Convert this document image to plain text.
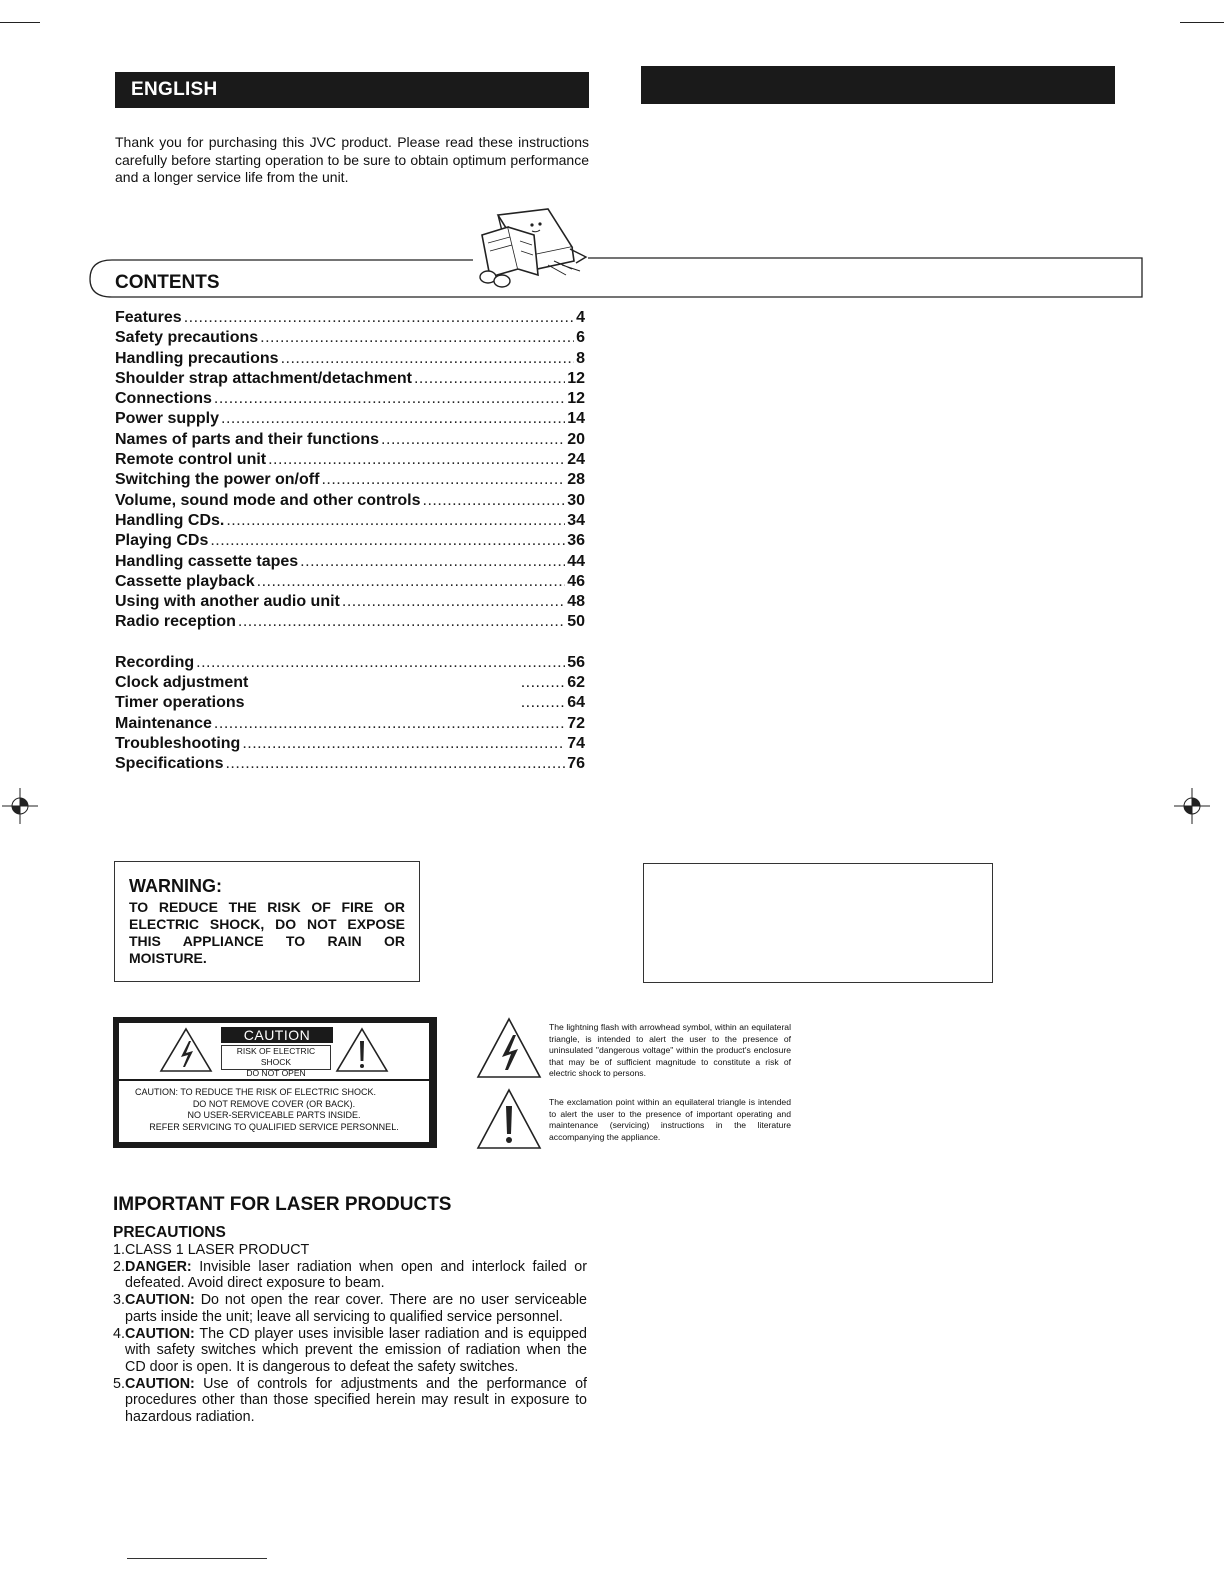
ENGLISH
Thank you for purchasing this JVC product. Please read these instructions carefully before starting operation to be sure to obtain optimum performance and a longer service life from the unit.
CONTENTS
Features .....	4
Safety precautions .....	6
Handling precautions .....	8
Shoulder strap attachment/detachment .....	12
Connections .....	12
Power supply .....	14
Names of parts and their functions .....	20
Remote control unit .....	24
Switching the power on/off .....	28
Volume, sound mode and other controls .....	30
Handling CDs. .....	34
Playing CDs .....	36
Handling cassette tapes .....	44
Cassette playback .....	46
Using with another audio unit .....	48
Radio reception .....	50
Recording .....	56
Clock adjustment	......... 62
Timer operations	......... 64
Maintenance .....	72
Troubleshooting .....	74
Specifications .....	76
WARNING:
TO REDUCE THE RISK OF FIRE OR ELECTRIC SHOCK, DO NOT EXPOSE THIS APPLIANCE TO RAIN OR
MOISTURE.
CAUTION
RISK OF ELECTRIC SHOCK
DO NOT OPEN
CAUTION: TO REDUCE THE RISK OF ELECTRIC SHOCK.
DO NOT REMOVE COVER (OR BACK).
NO USER-SERVICEABLE PARTS INSIDE.
REFER SERVICING TO QUALIFIED SERVICE PERSONNEL.
The lightning flash with arrowhead symbol, within an equilateral triangle, is intended to alert the user to the presence of uninsulated "dangerous voltage" within the product's enclosure that may be of sufficient magnitude to constitute a risk of electric shock to persons.
The exclamation point within an equilateral triangle is intended to alert the user to the presence of important operating and maintenance (servicing) instructions in the literature accompanying the appliance.
IMPORTANT FOR LASER PRODUCTS
PRECAUTIONS
1.CLASS 1 LASER PRODUCT
2.DANGER: Invisible laser radiation when open and interlock failed or defeated. Avoid direct exposure to beam.
3.CAUTION: Do not open the rear cover. There are no user serviceable parts inside the unit; leave all servicing to qualified service personnel.
4.CAUTION: The CD player uses invisible laser radiation and is equipped with safety switches which prevent the emission of radiation when the CD door is open. It is dangerous to defeat the safety switches.
5.CAUTION: Use of controls for adjustments and the performance of procedures other than those specified herein may result in exposure to hazardous radiation.
